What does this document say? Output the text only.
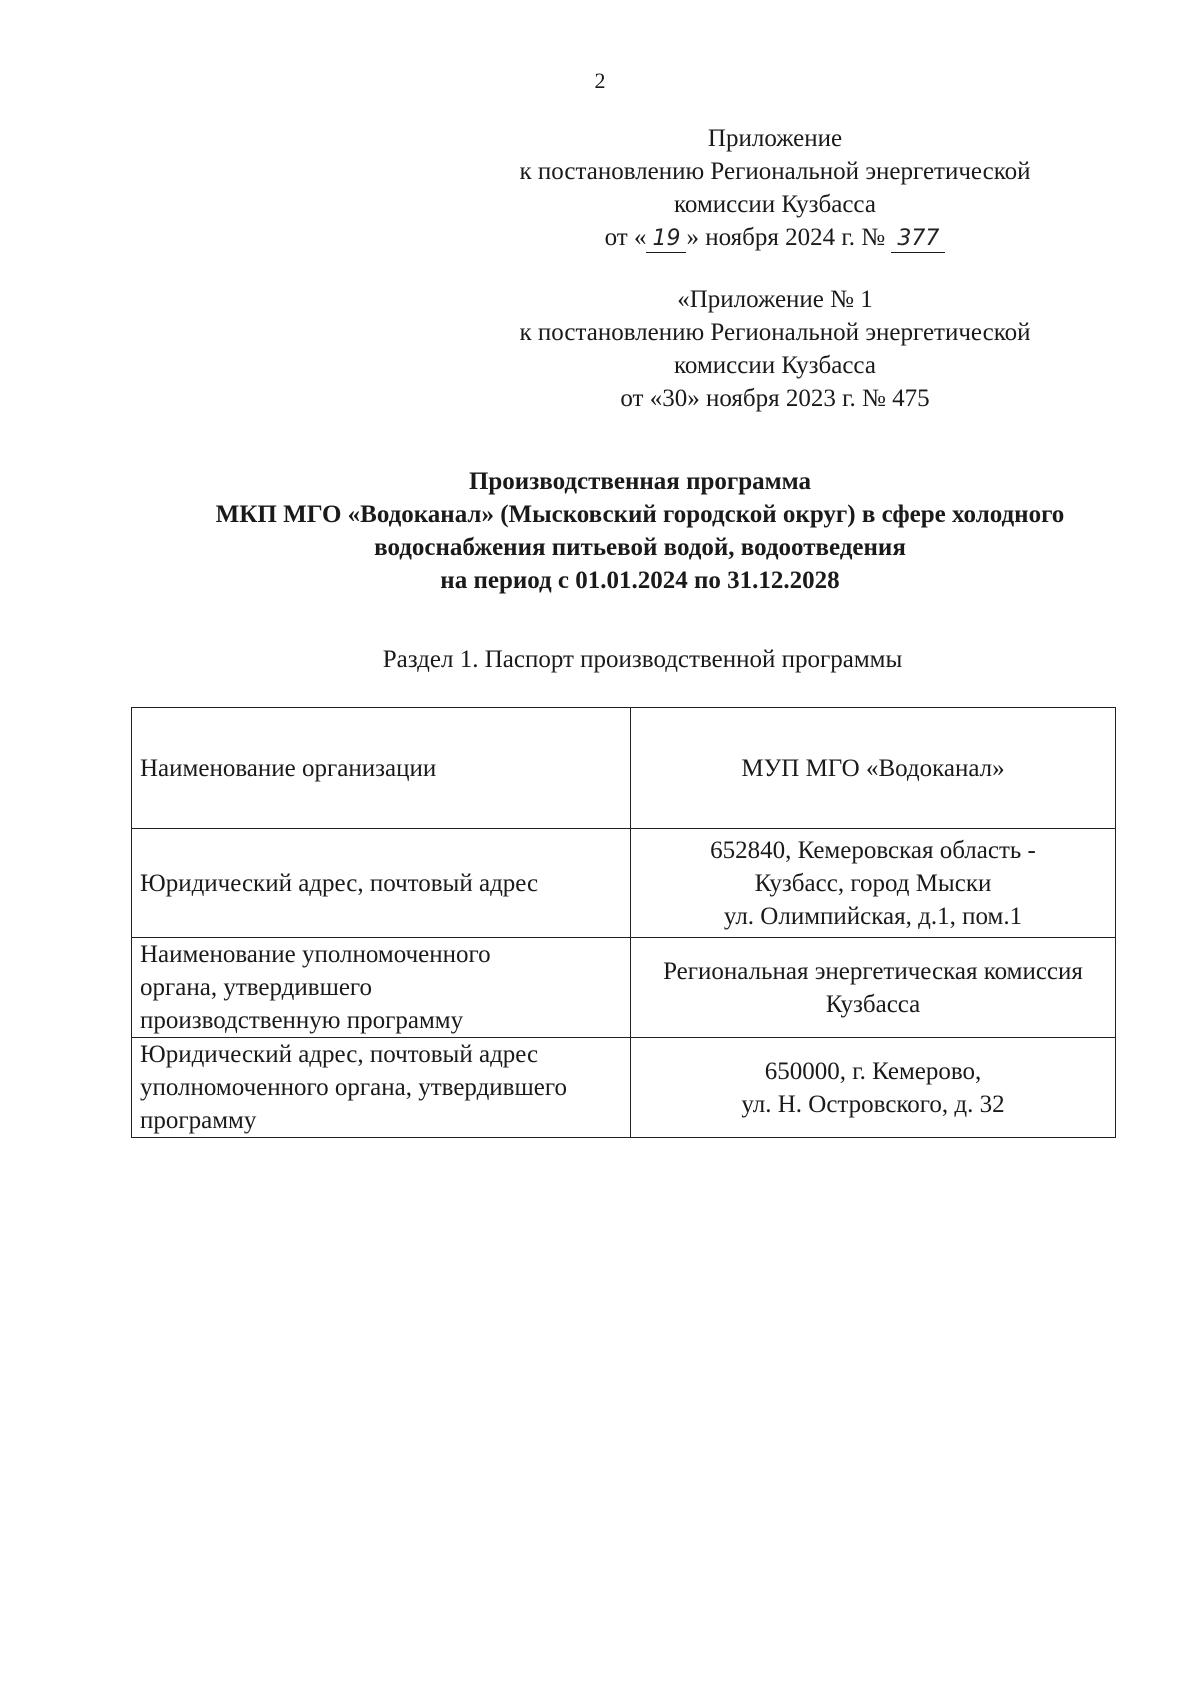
2
Приложение
к постановлению Региональной энергетической
комиссии Кузбасса
от « 19 » ноября 2024 г. № 377
«Приложение № 1
к постановлению Региональной энергетической
комиссии Кузбасса
от «30» ноября 2023 г. № 475
Производственная программа
МКП МГО «Водоканал» (Мысковский городской округ) в сфере холодного
водоснабжения питьевой водой, водоотведения
на период с 01.01.2024 по 31.12.2028
Раздел 1. Паспорт производственной программы
Наименование организации	МУП МГО «Водоканал»

Юридический адрес, почтовый адрес	652840, Кемеровская область -
Кузбасс, город Мыски
ул. Олимпийская, д.1, пом.1

Наименование уполномоченного
органа, утвердившего
производственную программу	Региональная энергетическая комиссия
Кузбасса

Юридический адрес, почтовый адрес
уполномоченного органа, утвердившего
программу	650000, г. Кемерово,
ул. Н. Островского, д. 32
